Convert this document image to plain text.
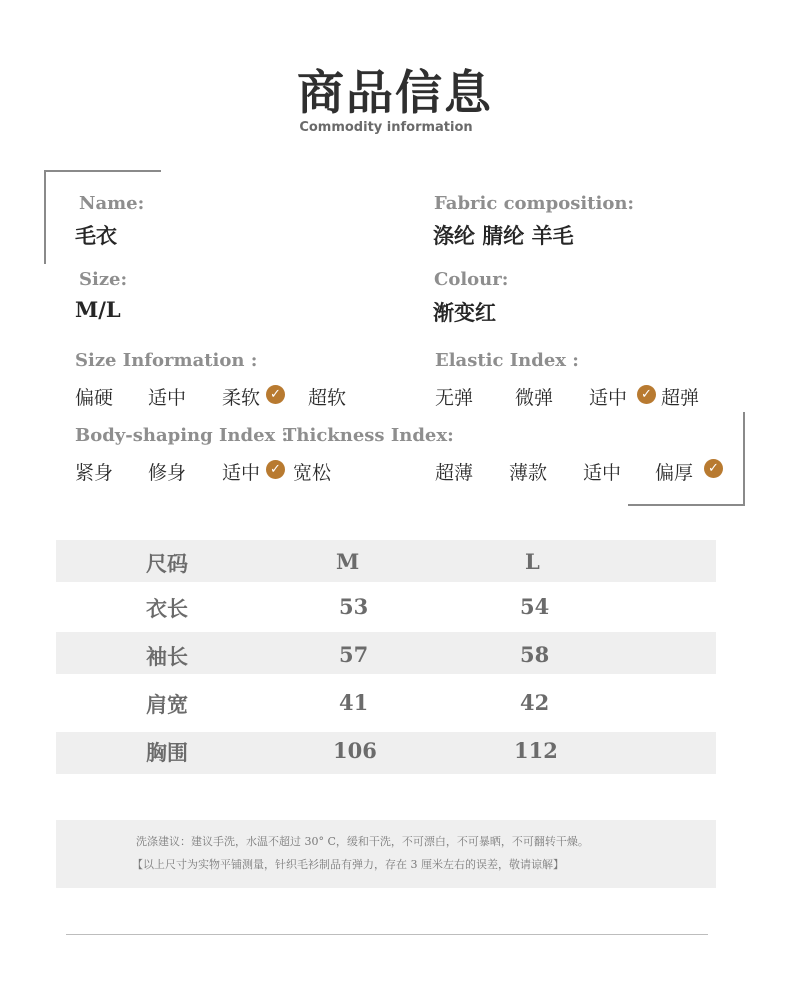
商品信息
Commodity information
Name:
毛衣
Fabric composition:
涤纶 腈纶 羊毛
Size:
M/L
Colour:
渐变红
Size Information :
偏硬 适中 柔软 ✓ 超软
Elastic Index :
无弹 微弹 适中	✓ 超弹
Body-shaping Index :
Thickness Index:
紧身 修身 适中 ✓ 宽松	超薄 薄款 适中 偏厚	✓
尺码	M	L
衣长	53	54
袖长	57	58
肩宽	41	42
胸围	106	112
洗涤建议：建议手洗，水温不超过 30° C，缓和干洗，不可漂白，不可暴晒，不可翻转干燥。
【以上尺寸为实物平铺测量，针织毛衫制品有弹力，存在 3 厘米左右的误差，敬请谅解】
